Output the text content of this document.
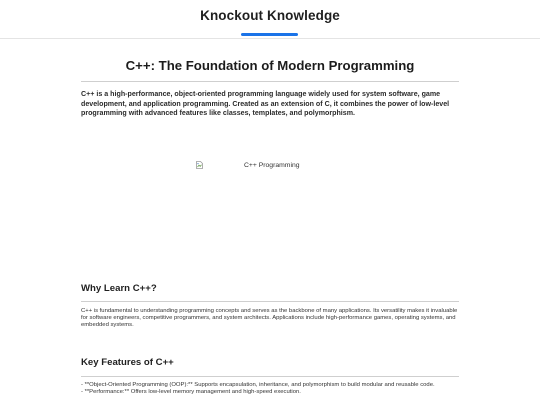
Knockout Knowledge
C++: The Foundation of Modern Programming

C++ is a high-performance, object-oriented programming language widely used for system software, game development, and application programming. Created as an extension of C, it combines the power of low-level programming with advanced features like classes, templates, and polymorphism.

C++ Programming
Why Learn C++?
C++ is fundamental to understanding programming concepts and serves as the backbone of many applications. Its versatility makes it invaluable for software engineers, competitive programmers, and system architects. Applications include high-performance games, operating systems, and embedded systems.
Key Features of C++
- **Object-Oriented Programming (OOP):** Supports encapsulation, inheritance, and polymorphism to build modular and reusable code.
- **Performance:** Offers low-level memory management and high-speed execution.
